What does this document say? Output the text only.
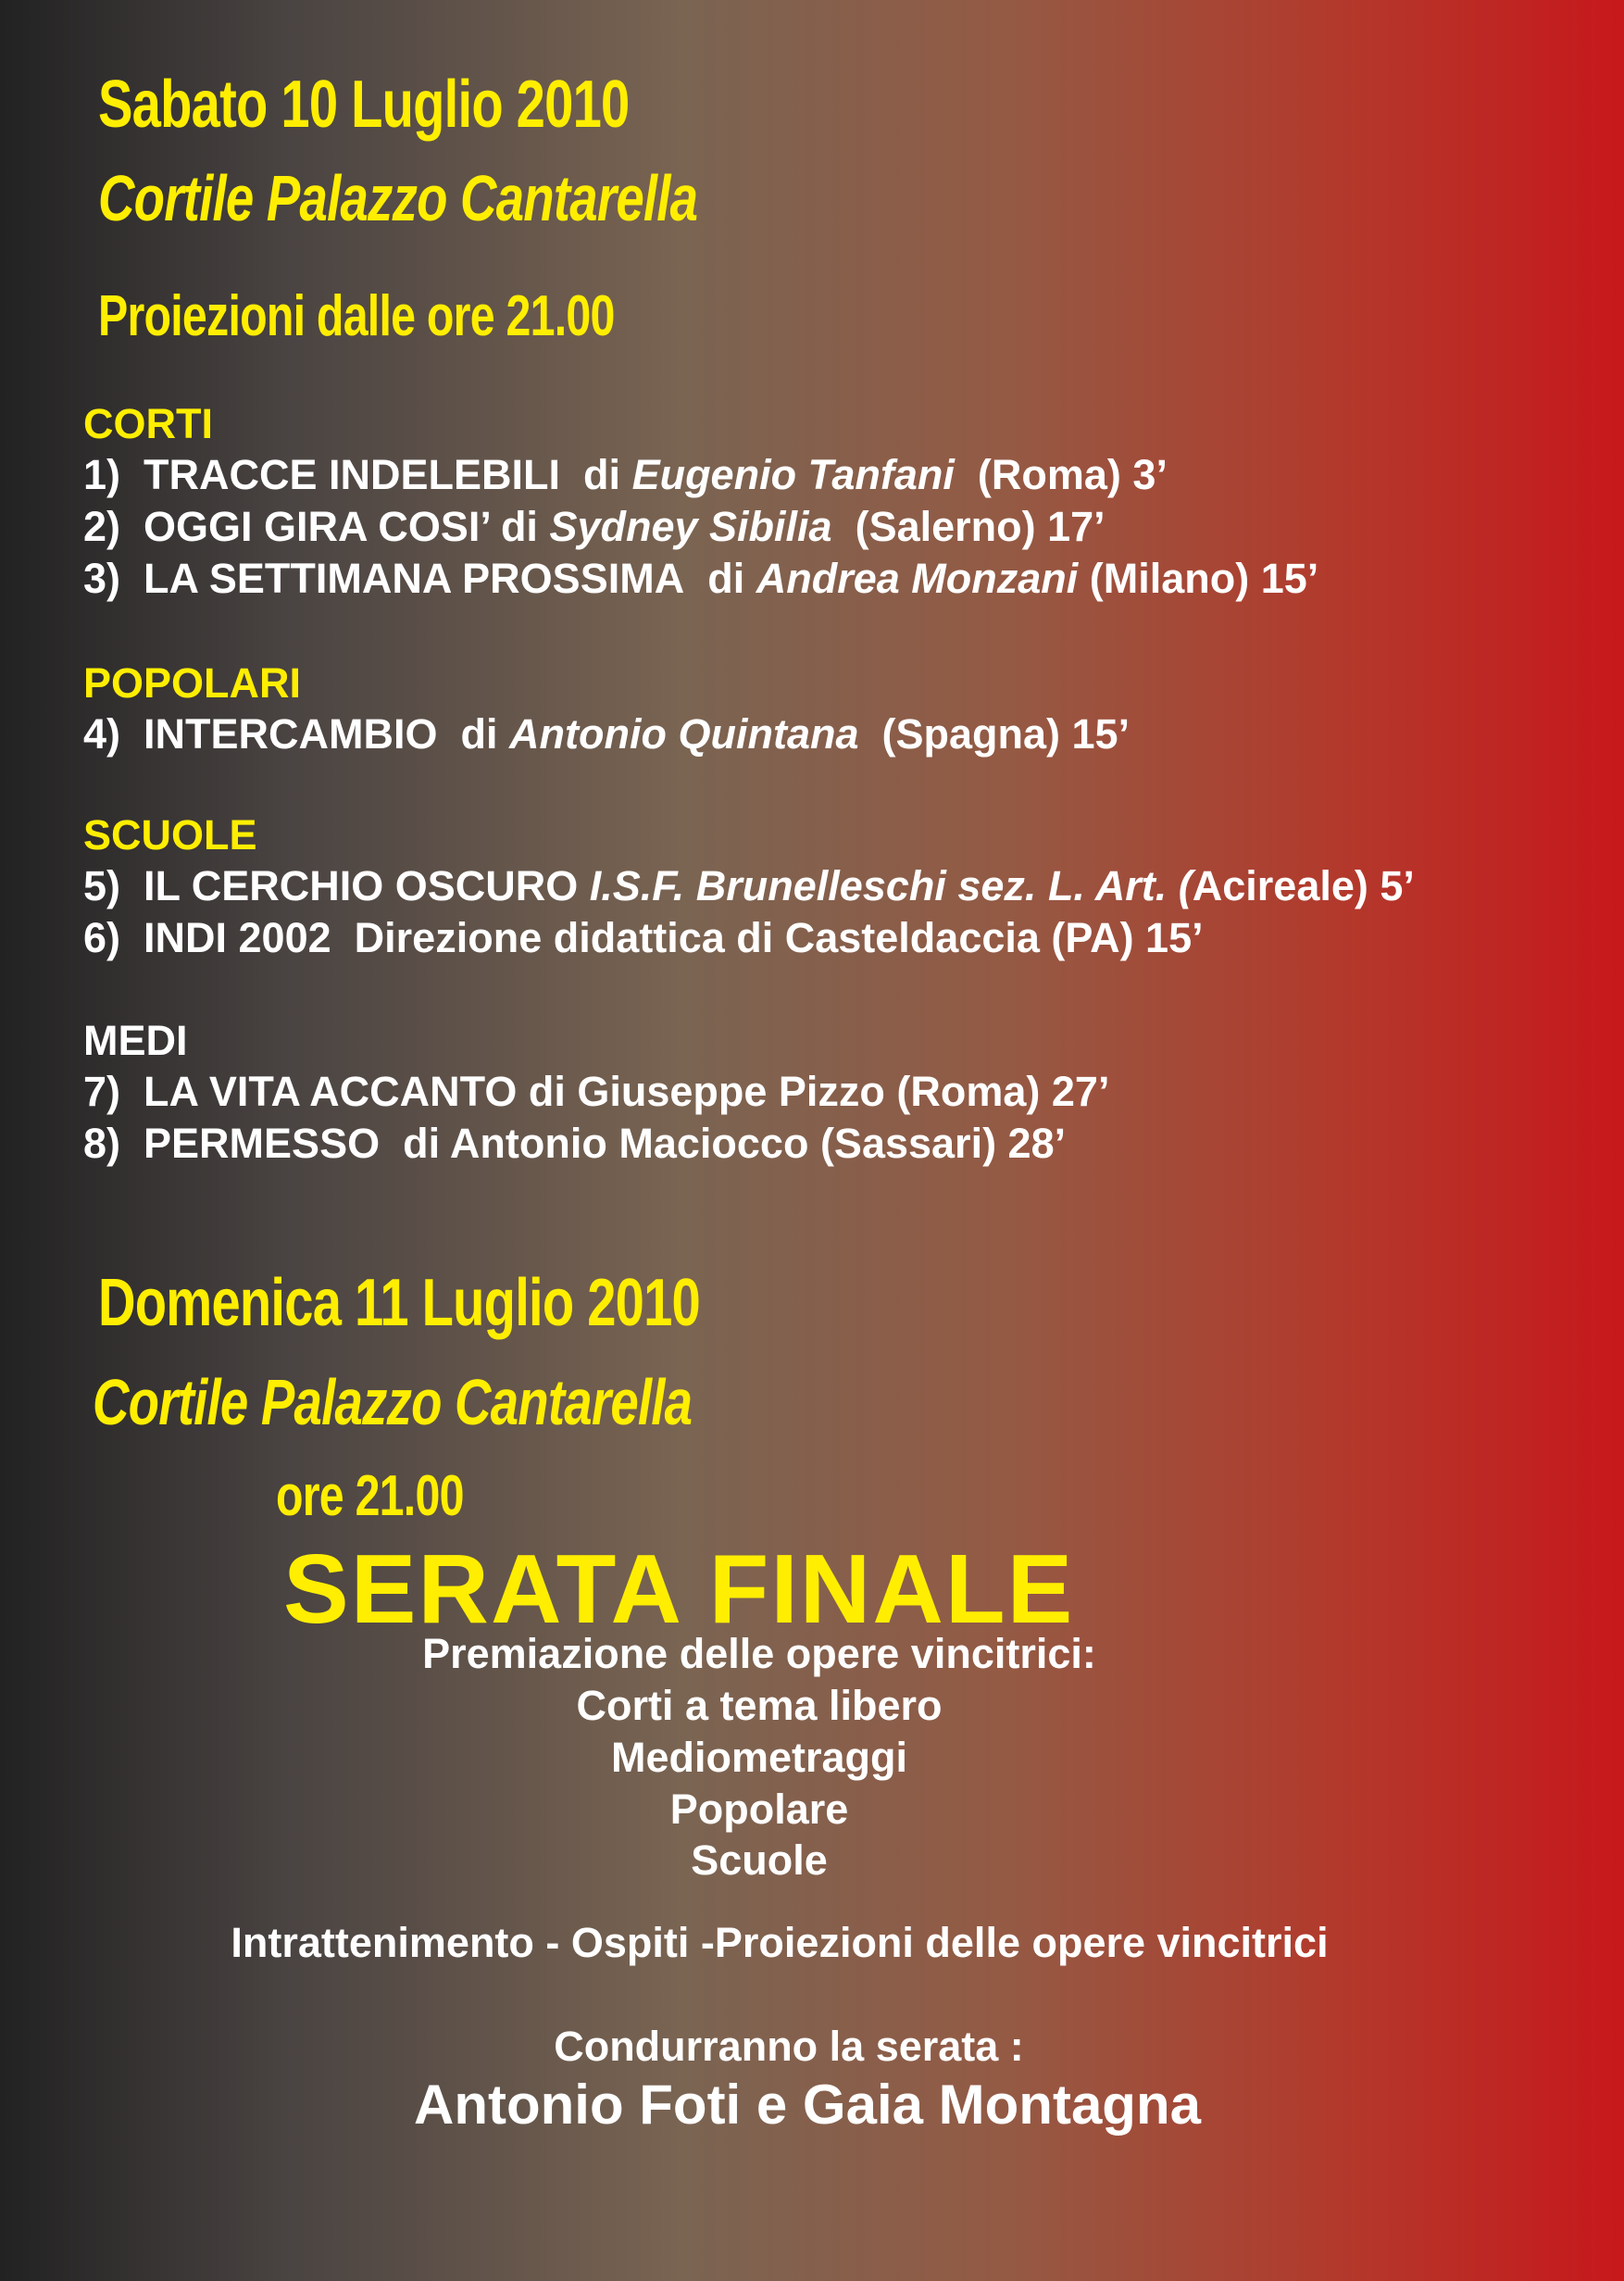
Sabato 10 Luglio 2010
Cortile Palazzo Cantarella
Proiezioni dalle ore 21.00
CORTI
1) TRACCE INDELEBILI di Eugenio Tanfani (Roma) 3’
2) OGGI GIRA COSI’ di Sydney Sibilia (Salerno) 17’
3) LA SETTIMANA PROSSIMA di Andrea Monzani (Milano) 15’
POPOLARI
4) INTERCAMBIO di Antonio Quintana (Spagna) 15’
SCUOLE
5) IL CERCHIO OSCURO I.S.F. Brunelleschi sez. L. Art. (Acireale) 5’
6) INDI 2002 Direzione didattica di Casteldaccia (PA) 15’
MEDI
7) LA VITA ACCANTO di Giuseppe Pizzo (Roma) 27’
8) PERMESSO di Antonio Maciocco (Sassari) 28’
Domenica 11 Luglio 2010
Cortile Palazzo Cantarella
ore 21.00
SERATA FINALE
Premiazione delle opere vincitrici:
Corti a tema libero
Mediometraggi
Popolare
Scuole
Intrattenimento - Ospiti -Proiezioni delle opere vincitrici
Condurranno la serata :
Antonio Foti e Gaia Montagna
